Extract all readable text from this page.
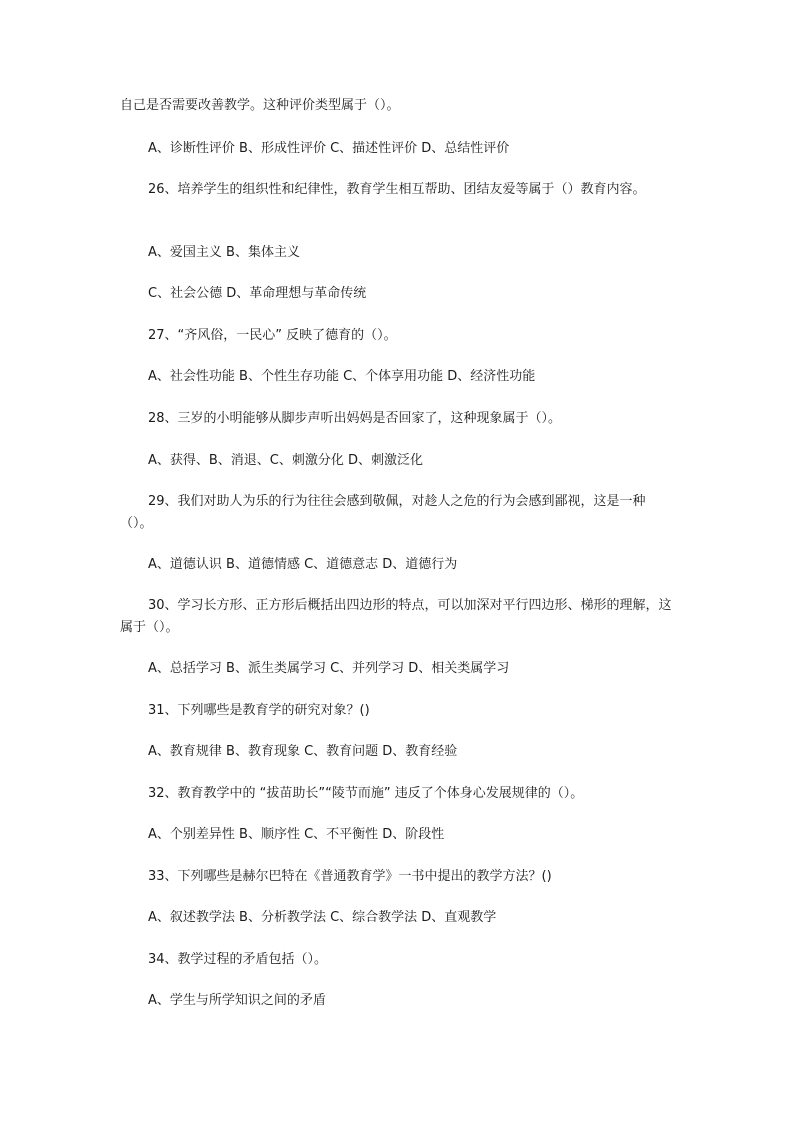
自己是否需要改善教学。这种评价类型属于（）。

A、诊断性评价 B、形成性评价 C、描述性评价 D、总结性评价

26、培养学生的组织性和纪律性，教育学生相互帮助、团结友爱等属于（）教育内容。

A、爱国主义 B、集体主义

C、社会公德 D、革命理想与革命传统

27、“齐风俗，一民心” 反映了德育的（）。

A、社会性功能 B、个性生存功能 C、个体享用功能 D、经济性功能

28、三岁的小明能够从脚步声听出妈妈是否回家了，这种现象属于（）。

A、获得、B、消退、C、刺激分化 D、刺激泛化

29、我们对助人为乐的行为往往会感到敬佩，对趁人之危的行为会感到鄙视，这是一种（）。

A、道德认识 B、道德情感 C、道德意志 D、道德行为

30、学习长方形、正方形后概括出四边形的特点，可以加深对平行四边形、梯形的理解，这属于（）。

A、总括学习 B、派生类属学习 C、并列学习 D、相关类属学习

31、下列哪些是教育学的研究对象？()

A、教育规律 B、教育现象 C、教育问题 D、教育经验

32、教育教学中的 “拔苗助长”“陵节而施” 违反了个体身心发展规律的（）。

A、个别差异性 B、顺序性 C、不平衡性 D、阶段性

33、下列哪些是赫尔巴特在《普通教育学》一书中提出的教学方法？()

A、叙述教学法 B、分析教学法 C、综合教学法 D、直观教学

34、教学过程的矛盾包括（）。

A、学生与所学知识之间的矛盾
